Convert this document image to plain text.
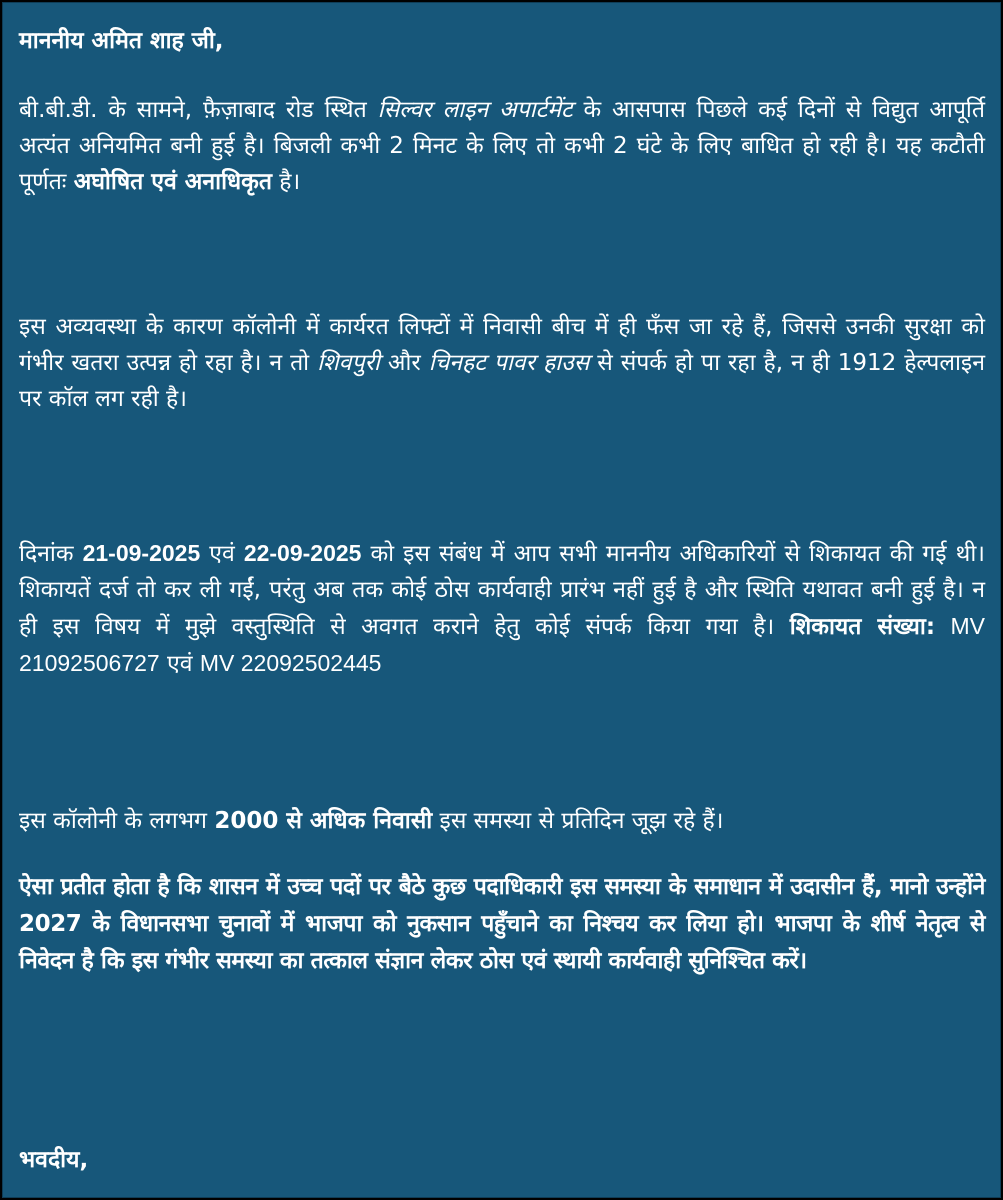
माननीय अमित शाह जी,

बी.बी.डी. के सामने, फ़ैज़ाबाद रोड स्थित सिल्वर लाइन अपार्टमेंट के आसपास पिछले कई दिनों से विद्युत आपूर्ति अत्यंत अनियमित बनी हुई है। बिजली कभी 2 मिनट के लिए तो कभी 2 घंटे के लिए बाधित हो रही है। यह कटौती पूर्णतः अघोषित एवं अनाधिकृत है।

इस अव्यवस्था के कारण कॉलोनी में कार्यरत लिफ्टों में निवासी बीच में ही फँस जा रहे हैं, जिससे उनकी सुरक्षा को गंभीर खतरा उत्पन्न हो रहा है। न तो शिवपुरी और चिनहट पावर हाउस से संपर्क हो पा रहा है, न ही 1912 हेल्पलाइन पर कॉल लग रही है।

दिनांक 21-09-2025 एवं 22-09-2025 को इस संबंध में आप सभी माननीय अधिकारियों से शिकायत की गई थी। शिकायतें दर्ज तो कर ली गईं, परंतु अब तक कोई ठोस कार्यवाही प्रारंभ नहीं हुई है और स्थिति यथावत बनी हुई है। न ही इस विषय में मुझे वस्तुस्थिति से अवगत कराने हेतु कोई संपर्क किया गया है। शिकायत संख्या: MV 21092506727 एवं MV 22092502445

इस कॉलोनी के लगभग 2000 से अधिक निवासी इस समस्या से प्रतिदिन जूझ रहे हैं।

ऐसा प्रतीत होता है कि शासन में उच्च पदों पर बैठे कुछ पदाधिकारी इस समस्या के समाधान में उदासीन हैं, मानो उन्होंने 2027 के विधानसभा चुनावों में भाजपा को नुकसान पहुँचाने का निश्चय कर लिया हो। भाजपा के शीर्ष नेतृत्व से निवेदन है कि इस गंभीर समस्या का तत्काल संज्ञान लेकर ठोस एवं स्थायी कार्यवाही सुनिश्चित करें।

भवदीय,
